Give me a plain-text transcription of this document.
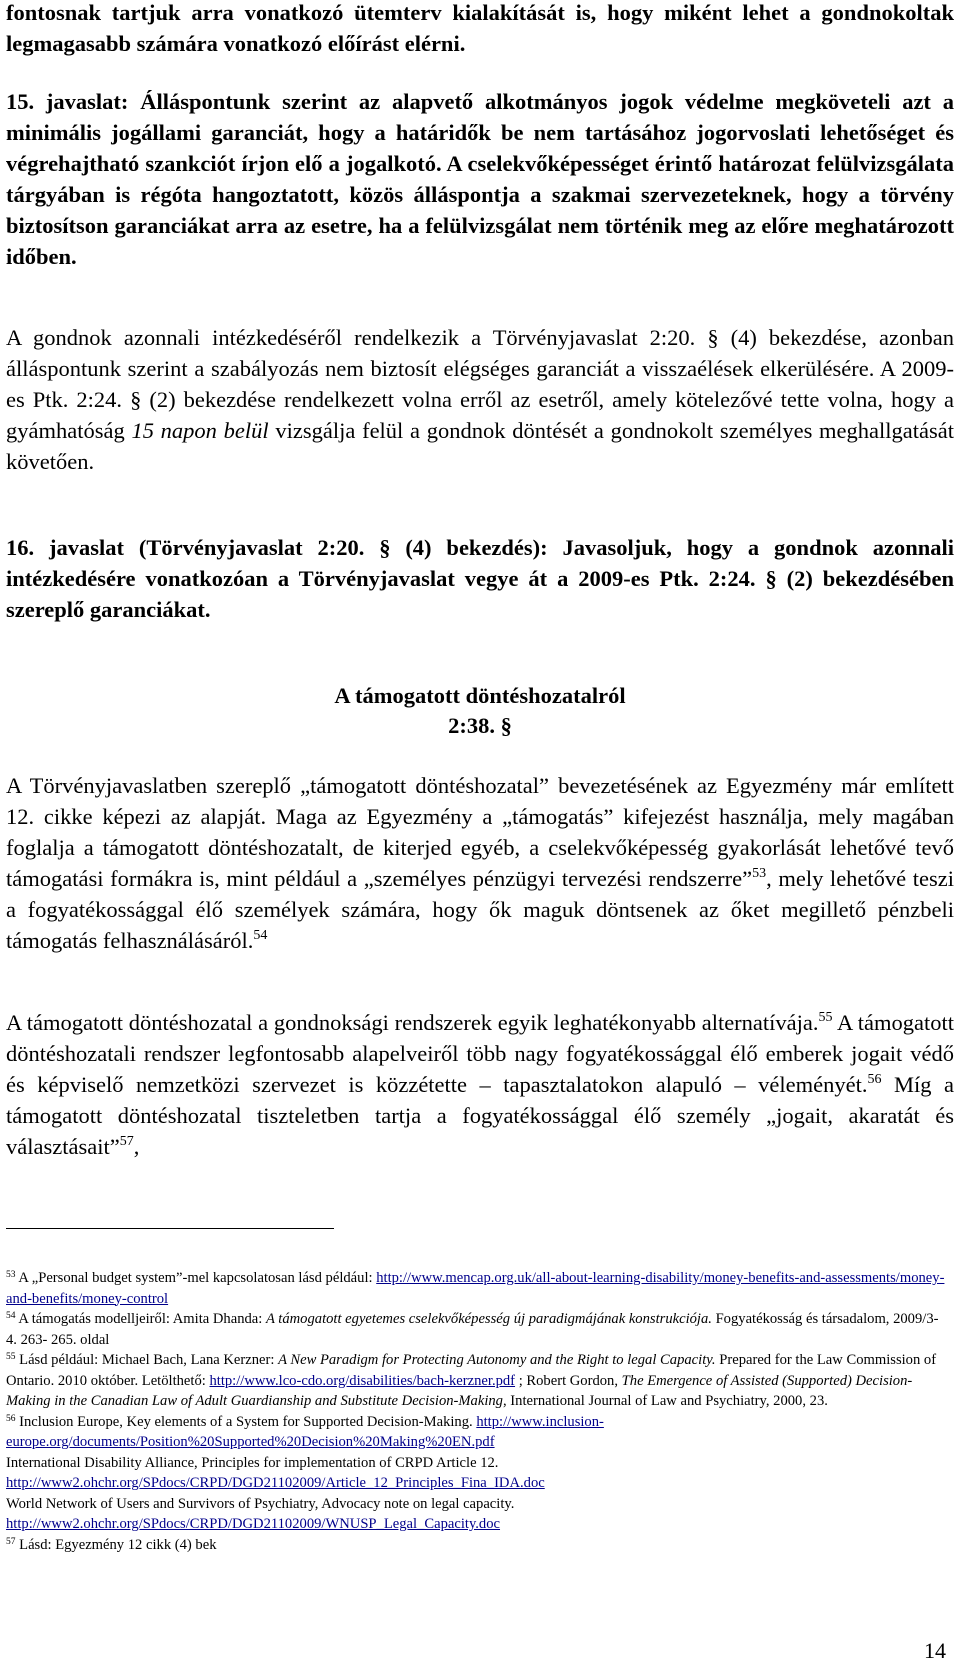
fontosnak tartjuk arra vonatkozó ütemterv kialakítását is, hogy miként lehet a gondnokoltak legmagasabb számára vonatkozó előírást elérni.

15. javaslat: Álláspontunk szerint az alapvető alkotmányos jogok védelme megköveteli azt a minimális jogállami garanciát, hogy a határidők be nem tartásához jogorvoslati lehetőséget és végrehajtható szankciót írjon elő a jogalkotó. A cselekvőképességet érintő határozat felülvizsgálata tárgyában is régóta hangoztatott, közös álláspontja a szakmai szervezeteknek, hogy a törvény biztosítson garanciákat arra az esetre, ha a felülvizsgálat nem történik meg az előre meghatározott időben.

A gondnok azonnali intézkedéséről rendelkezik a Törvényjavaslat 2:20. § (4) bekezdése, azonban álláspontunk szerint a szabályozás nem biztosít elégséges garanciát a visszaélések elkerülésére. A 2009-es Ptk. 2:24. § (2) bekezdése rendelkezett volna erről az esetről, amely kötelezővé tette volna, hogy a gyámhatóság 15 napon belül vizsgálja felül a gondnok döntését a gondnokolt személyes meghallgatását követően.

16. javaslat (Törvényjavaslat 2:20. § (4) bekezdés): Javasoljuk, hogy a gondnok azonnali intézkedésére vonatkozóan a Törvényjavaslat vegye át a 2009-es Ptk. 2:24. § (2) bekezdésében szereplő garanciákat.

A támogatott döntéshozatalról

2:38. §

A Törvényjavaslatben szereplő „támogatott döntéshozatal” bevezetésének az Egyezmény már említett 12. cikke képezi az alapját. Maga az Egyezmény a „támogatás” kifejezést használja, mely magában foglalja a támogatott döntéshozatalt, de kiterjed egyéb, a cselekvőképesség gyakorlását lehetővé tevő támogatási formákra is, mint például a „személyes pénzügyi tervezési rendszerre”$^{53}$, mely lehetővé teszi a fogyatékossággal élő személyek számára, hogy ők maguk döntsenek az őket megillető pénzbeli támogatás felhasználásáról.$^{54}$

A támogatott döntéshozatal a gondnoksági rendszerek egyik leghatékonyabb alternatívája.$^{55}$ A támogatott döntéshozatali rendszer legfontosabb alapelveiről több nagy fogyatékossággal élő emberek jogait védő és képviselő nemzetközi szervezet is közzétette – tapasztalatokon alapuló – véleményét.$^{56}$ Míg a támogatott döntéshozatal tiszteletben tartja a fogyatékossággal élő személy „jogait, akaratát és választásait”$^{57}$,

$^{53}$ A „Personal budget system”-mel kapcsolatosan lásd például: http://www.mencap.org.uk/all-about-learning-disability/money-benefits-and-assessments/money-and-benefits/money-control
$^{54}$ A támogatás modelljeiről: Amita Dhanda: A támogatott egyetemes cselekvőképesség új paradigmájának konstrukciója. Fogyatékosság és társadalom, 2009/3-4. 263- 265. oldal
$^{55}$ Lásd például: Michael Bach, Lana Kerzner: A New Paradigm for Protecting Autonomy and the Right to legal Capacity. Prepared for the Law Commission of Ontario. 2010 október. Letölthető: http://www.lco-cdo.org/disabilities/bach-kerzner.pdf ; Robert Gordon, The Emergence of Assisted (Supported) Decision-Making in the Canadian Law of Adult Guardianship and Substitute Decision-Making, International Journal of Law and Psychiatry, 2000, 23.
$^{56}$ Inclusion Europe, Key elements of a System for Supported Decision-Making. http://www.inclusion-europe.org/documents/Position%20Supported%20Decision%20Making%20EN.pdf
International Disability Alliance, Principles for implementation of CRPD Article 12.
http://www2.ohchr.org/SPdocs/CRPD/DGD21102009/Article_12_Principles_Fina_IDA.doc
World Network of Users and Survivors of Psychiatry, Advocacy note on legal capacity.
http://www2.ohchr.org/SPdocs/CRPD/DGD21102009/WNUSP_Legal_Capacity.doc
$^{57}$ Lásd: Egyezmény 12 cikk (4) bek
14
